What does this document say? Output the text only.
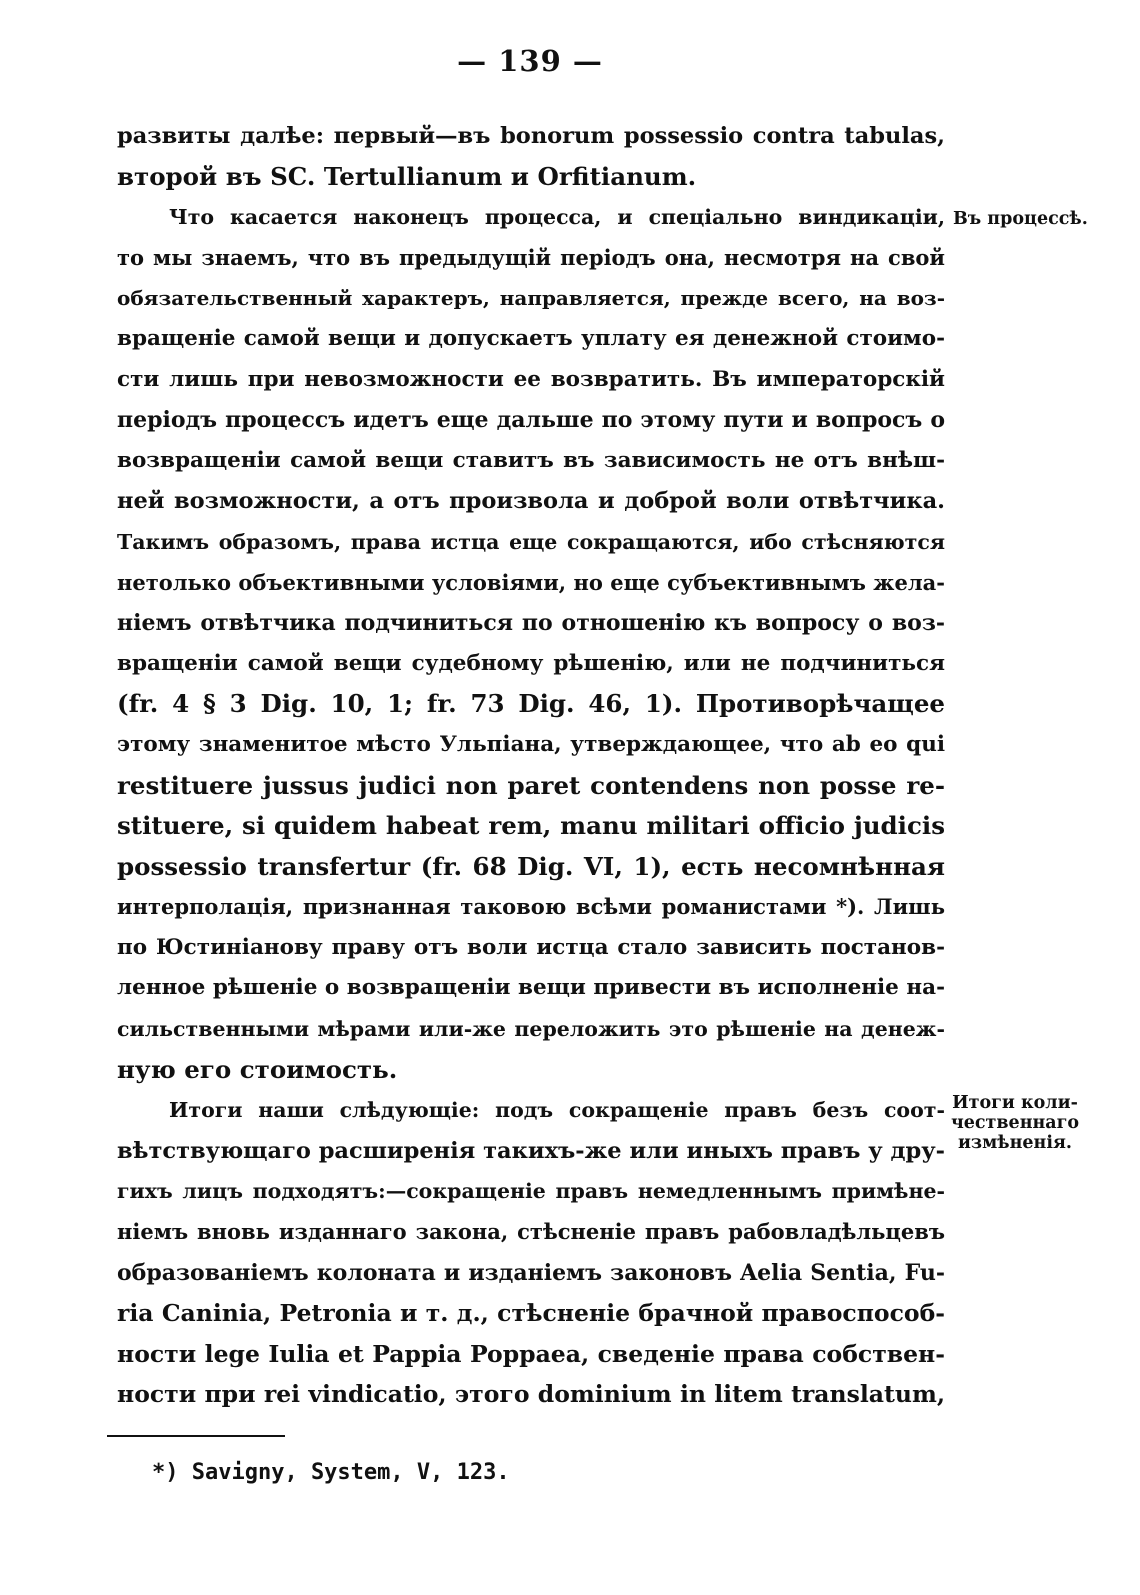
— 139 —
развиты далѣе: первый—въ bonorum possessio contra tabulas,
второй въ SC. Tertullianum и Orfitianum.
Что касается наконецъ процесса, и спеціально виндикаціи,
то мы знаемъ, что въ предыдущій періодъ она, несмотря на свой
обязательственный характеръ, направляется, прежде всего, на воз-
вращеніе самой вещи и допускаетъ уплату ея денежной стоимо-
сти лишь при невозможности ее возвратить. Въ императорскій
періодъ процессъ идетъ еще дальше по этому пути и вопросъ о
возвращеніи самой вещи ставитъ въ зависимость не отъ внѣш-
ней возможности, а отъ произвола и доброй воли отвѣтчика.
Такимъ образомъ, права истца еще сокращаются, ибо стѣсняются
нетолько объективными условіями, но еще субъективнымъ жела-
ніемъ отвѣтчика подчиниться по отношенію къ вопросу о воз-
вращеніи самой вещи судебному рѣшенію, или не подчиниться
(fr. 4 § 3 Dig. 10, 1; fr. 73 Dig. 46, 1). Противорѣчащее
этому знаменитое мѣсто Ульпіана, утверждающее, что ab eo qui
restituere jussus judici non paret contendens non posse re-
stituere, si quidem habeat rem, manu militari officio judicis
possessio transfertur (fr. 68 Dig. VI, 1), есть несомнѣнная
интерполація, признанная таковою всѣми романистами *). Лишь
по Юстиніанову праву отъ воли истца стало зависить постанов-
ленное рѣшеніе о возвращеніи вещи привести въ исполненіе на-
сильственными мѣрами или-же переложить это рѣшеніе на денеж-
ную его стоимость.
Итоги наши слѣдующіе: подъ сокращеніе правъ безъ соот-
вѣтствующаго расширенія такихъ-же или иныхъ правъ у дру-
гихъ лицъ подходятъ:—сокращеніе правъ немедленнымъ примѣне-
ніемъ вновь изданнаго закона, стѣсненіе правъ рабовладѣльцевъ
образованіемъ колоната и изданіемъ законовъ Aelia Sentia, Fu-
ria Caninia, Petronia и т. д., стѣсненіе брачной правоспособ-
ности lege Iulia et Pappia Poppaea, сведеніе права собствен-
ности при rei vindicatio, этого dominium in litem translatum,
Въ процессѣ.
Итоги коли-
чественнаго
измѣненія.
*) Savigny, System, V, 123.
